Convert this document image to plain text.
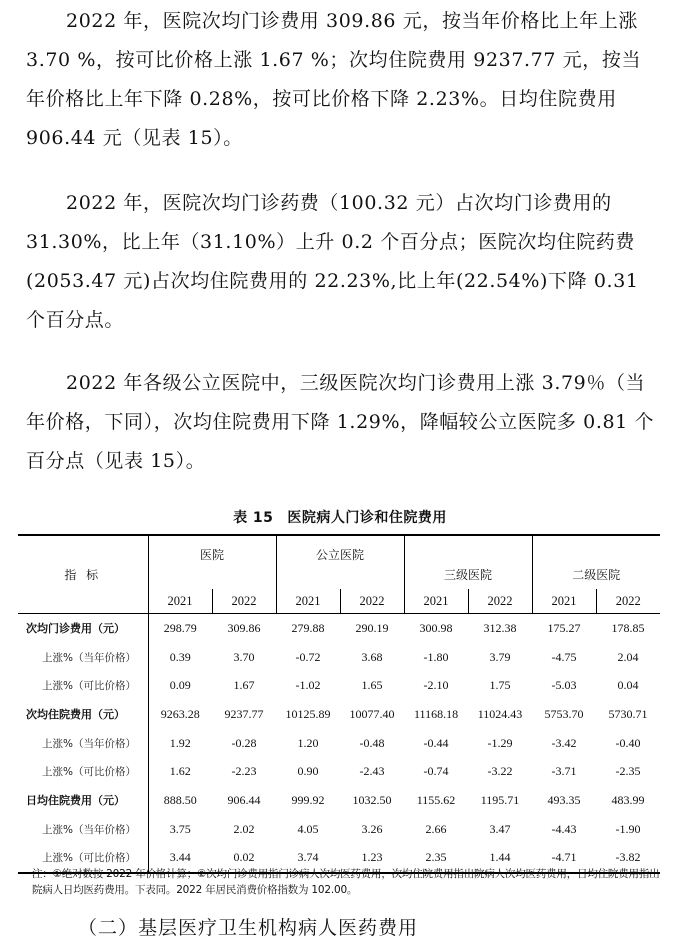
2022 年，医院次均门诊费用 309.86 元，按当年价格比上年上涨 3.70 %，按可比价格上涨 1.67 %；次均住院费用 9237.77 元，按当年价格比上年下降 0.28%，按可比价格下降 2.23%。日均住院费用 906.44 元（见表 15）。

2022 年，医院次均门诊药费（100.32 元）占次均门诊费用的 31.30%，比上年（31.10%）上升 0.2 个百分点；医院次均住院药费(2053.47 元)占次均住院费用的 22.23%,比上年(22.54%)下降 0.31 个百分点。

2022 年各级公立医院中，三级医院次均门诊费用上涨 3.79％（当年价格，下同），次均住院费用下降 1.29%，降幅较公立医院多 0.81 个百分点（见表 15）。

表 15 医院病人门诊和住院费用
指 标	医院		公立医院		三级医院		二级医院	
	2021	2022	2021	2022	2021	2022	2021	2022
次均门诊费用（元）	298.79	309.86	279.88	290.19	300.98	312.38	175.27	178.85
上涨%（当年价格）	0.39	3.70	-0.72	3.68	-1.80	3.79	-4.75	2.04
上涨%（可比价格）	0.09	1.67	-1.02	1.65	-2.10	1.75	-5.03	0.04
次均住院费用（元）	9263.28	9237.77	10125.89	10077.40	11168.18	11024.43	5753.70	5730.71
上涨%（当年价格）	1.92	-0.28	1.20	-0.48	-0.44	-1.29	-3.42	-0.40
上涨%（可比价格）	1.62	-2.23	0.90	-2.43	-0.74	-3.22	-3.71	-2.35
日均住院费用（元）	888.50	906.44	999.92	1032.50	1155.62	1195.71	493.35	483.99
上涨%（当年价格）	3.75	2.02	4.05	3.26	2.66	3.47	-4.43	-1.90
上涨%（可比价格）	3.44	0.02	3.74	1.23	2.35	1.44	-4.71	-3.82
注：①绝对数按 2022 年价格计算；②次均门诊费用指门诊病人次均医药费用，次均住院费用指出院病人次均医药费用，日均住院费用指出院病人日均医药费用。下表同。2022 年居民消费价格指数为 102.00。
（二）基层医疗卫生机构病人医药费用
